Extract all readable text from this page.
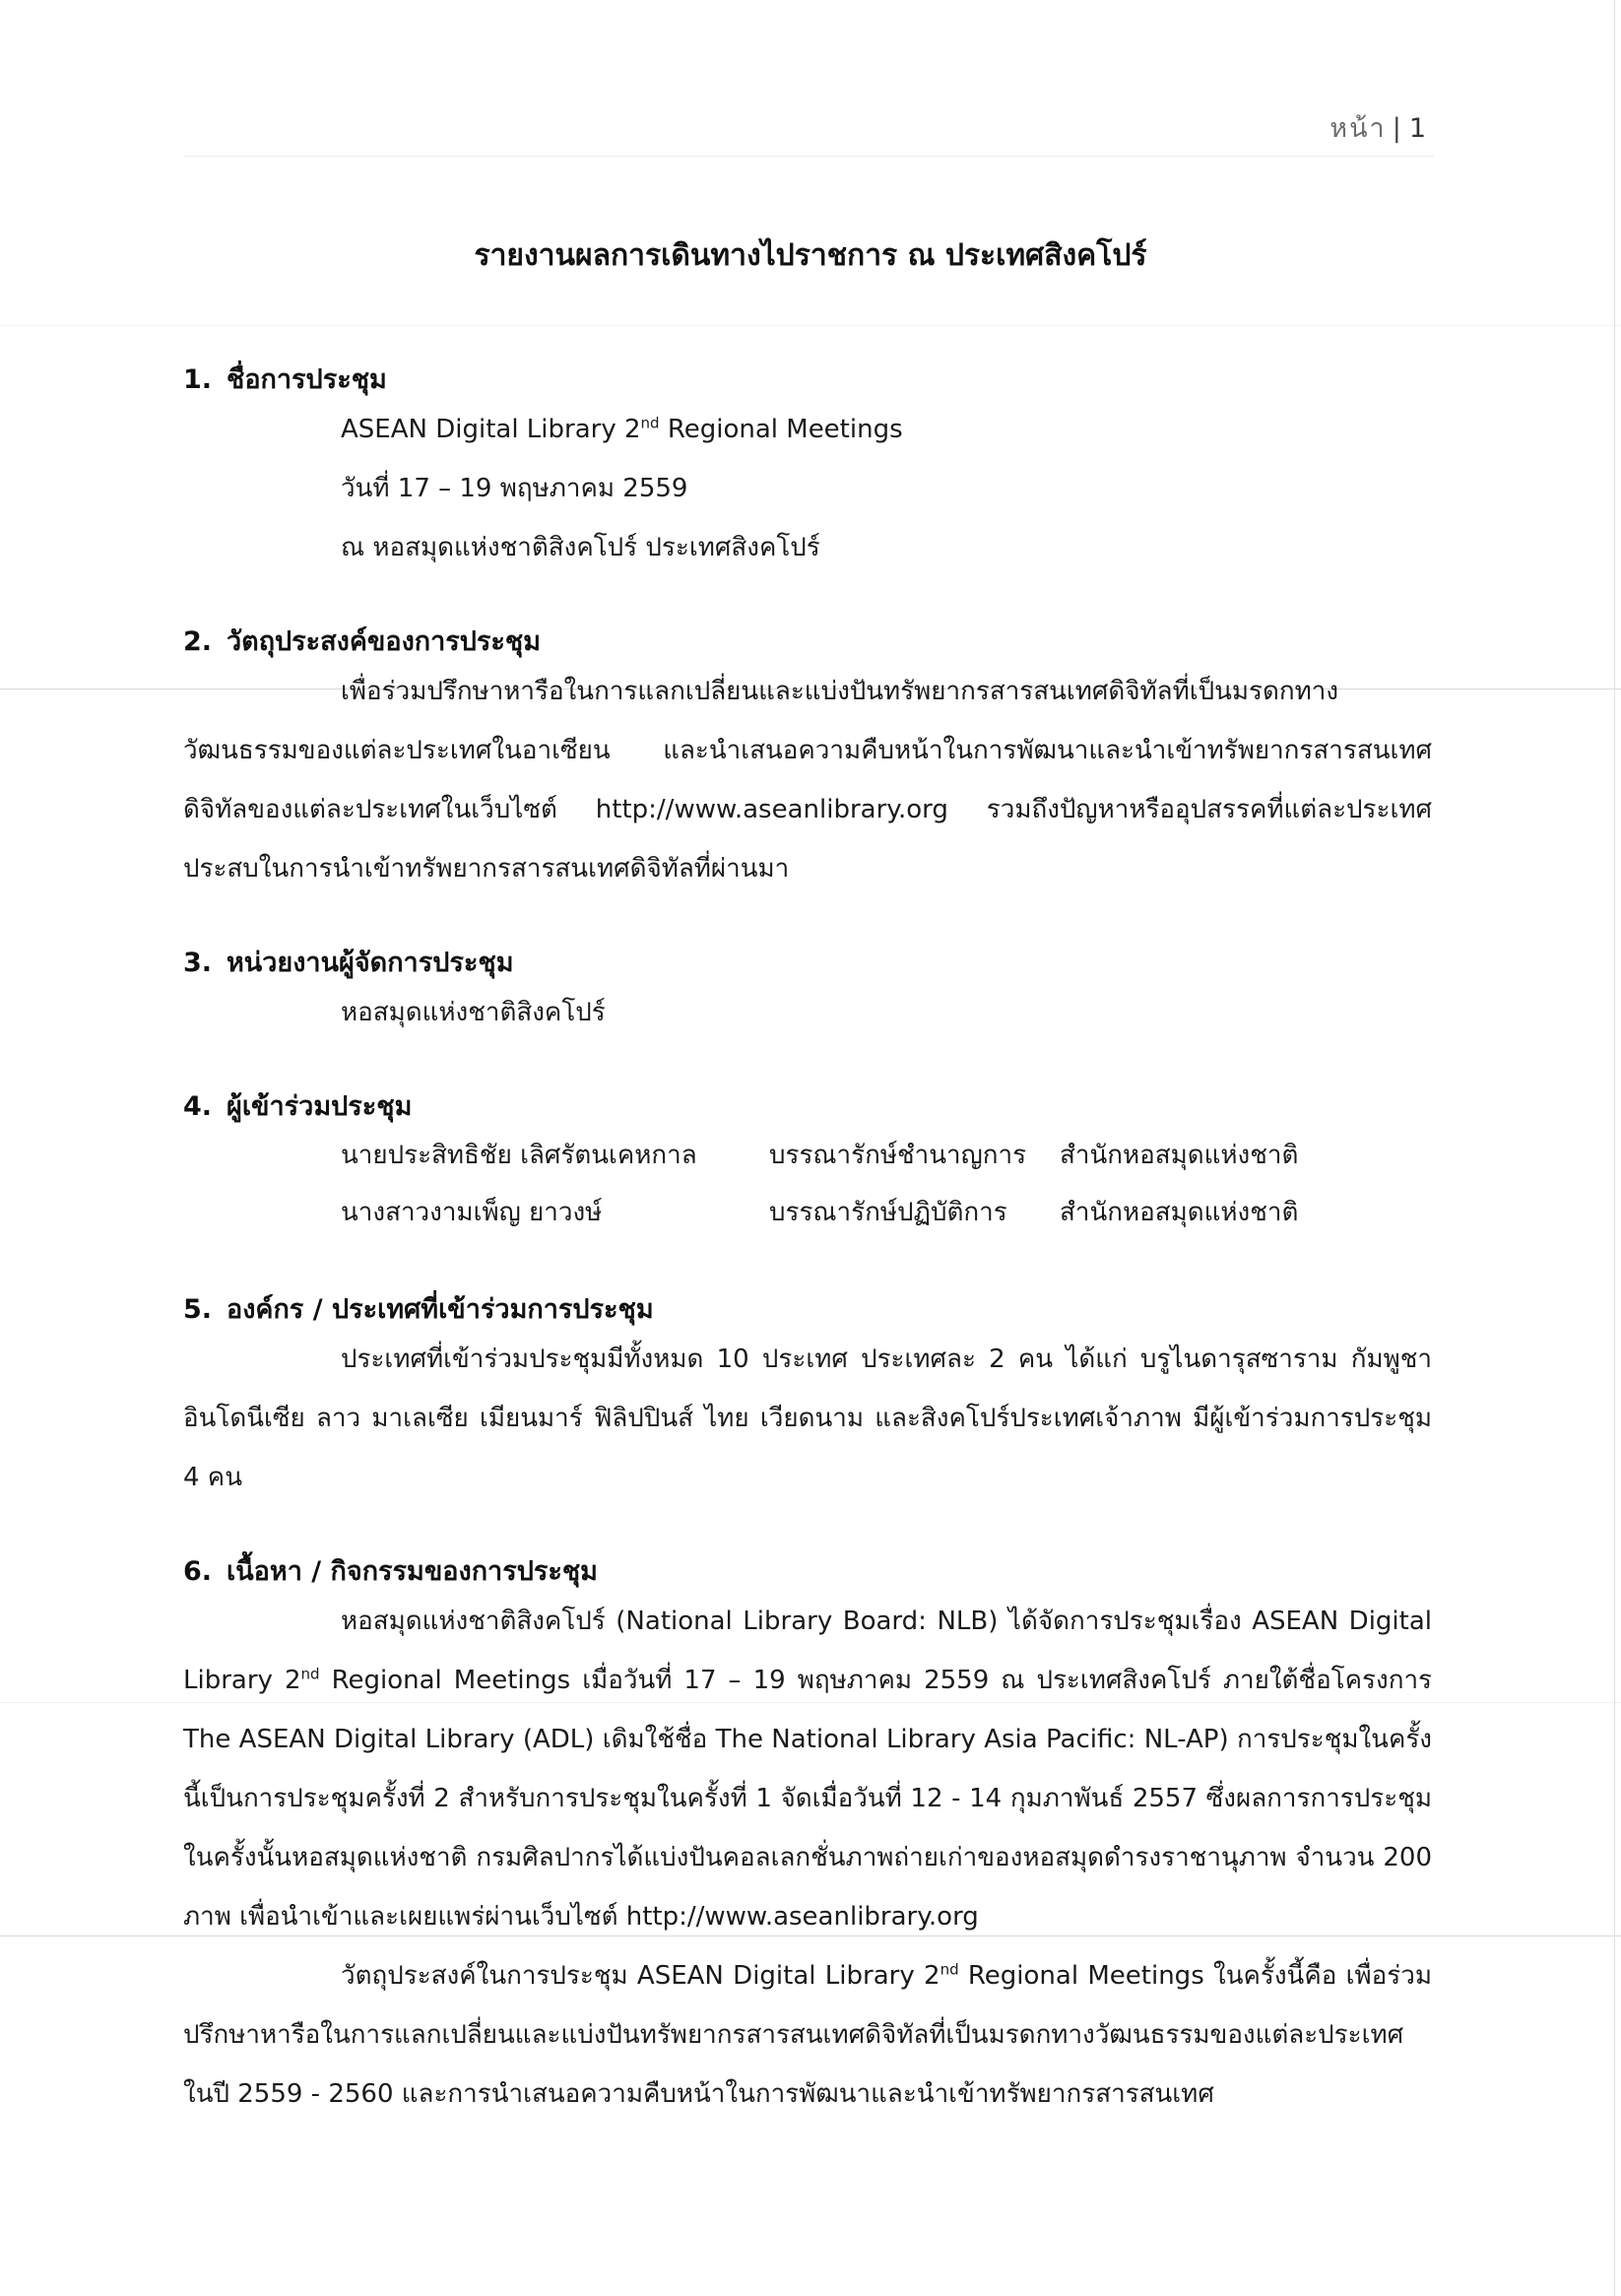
หน้า | 1
รายงานผลการเดินทางไปราชการ ณ ประเทศสิงคโปร์

1. ชื่อการประชุม

ASEAN Digital Library 2nd Regional Meetings

วันที่ 17 – 19 พฤษภาคม 2559

ณ หอสมุดแห่งชาติสิงคโปร์ ประเทศสิงคโปร์

2. วัตถุประสงค์ของการประชุม

เพื่อร่วมปรึกษาหารือในการแลกเปลี่ยนและแบ่งปันทรัพยากรสารสนเทศดิจิทัลที่เป็นมรดกทางวัฒนธรรมของแต่ละประเทศในอาเซียน และนำเสนอความคืบหน้าในการพัฒนาและนำเข้าทรัพยากรสารสนเทศดิจิทัลของแต่ละประเทศในเว็บไซต์ http://www.aseanlibrary.org รวมถึงปัญหาหรืออุปสรรคที่แต่ละประเทศประสบในการนำเข้าทรัพยากรสารสนเทศดิจิทัลที่ผ่านมา

3. หน่วยงานผู้จัดการประชุม

หอสมุดแห่งชาติสิงคโปร์

4. ผู้เข้าร่วมประชุม

นายประสิทธิชัย เลิศรัตนเคหกาล	บรรณารักษ์ชำนาญการ	สำนักหอสมุดแห่งชาติ
นางสาวงามเพ็ญ ยาวงษ์	บรรณารักษ์ปฏิบัติการ	สำนักหอสมุดแห่งชาติ

5. องค์กร / ประเทศที่เข้าร่วมการประชุม

ประเทศที่เข้าร่วมประชุมมีทั้งหมด 10 ประเทศ ประเทศละ 2 คน ได้แก่ บรูไนดารุสซาราม กัมพูชา อินโดนีเซีย ลาว มาเลเซีย เมียนมาร์ ฟิลิปปินส์ ไทย เวียดนาม และสิงคโปร์ประเทศเจ้าภาพ มีผู้เข้าร่วมการประชุม 4 คน

6. เนื้อหา / กิจกรรมของการประชุม

หอสมุดแห่งชาติสิงคโปร์ (National Library Board: NLB) ได้จัดการประชุมเรื่อง ASEAN Digital Library 2nd Regional Meetings เมื่อวันที่ 17 – 19 พฤษภาคม 2559 ณ ประเทศสิงคโปร์ ภายใต้ชื่อโครงการ The ASEAN Digital Library (ADL) เดิมใช้ชื่อ The National Library Asia Pacific: NL-AP) การประชุมในครั้งนี้เป็นการประชุมครั้งที่ 2 สำหรับการประชุมในครั้งที่ 1 จัดเมื่อวันที่ 12 - 14 กุมภาพันธ์ 2557 ซึ่งผลการการประชุมในครั้งนั้นหอสมุดแห่งชาติ กรมศิลปากรได้แบ่งปันคอลเลกชั่นภาพถ่ายเก่าของหอสมุดดำรงราชานุภาพ จำนวน 200 ภาพ เพื่อนำเข้าและเผยแพร่ผ่านเว็บไซต์ http://www.aseanlibrary.org

วัตถุประสงค์ในการประชุม ASEAN Digital Library 2nd Regional Meetings ในครั้งนี้คือ เพื่อร่วมปรึกษาหารือในการแลกเปลี่ยนและแบ่งปันทรัพยากรสารสนเทศดิจิทัลที่เป็นมรดกทางวัฒนธรรมของแต่ละประเทศในปี 2559 - 2560 และการนำเสนอความคืบหน้าในการพัฒนาและนำเข้าทรัพยากรสารสนเทศ
